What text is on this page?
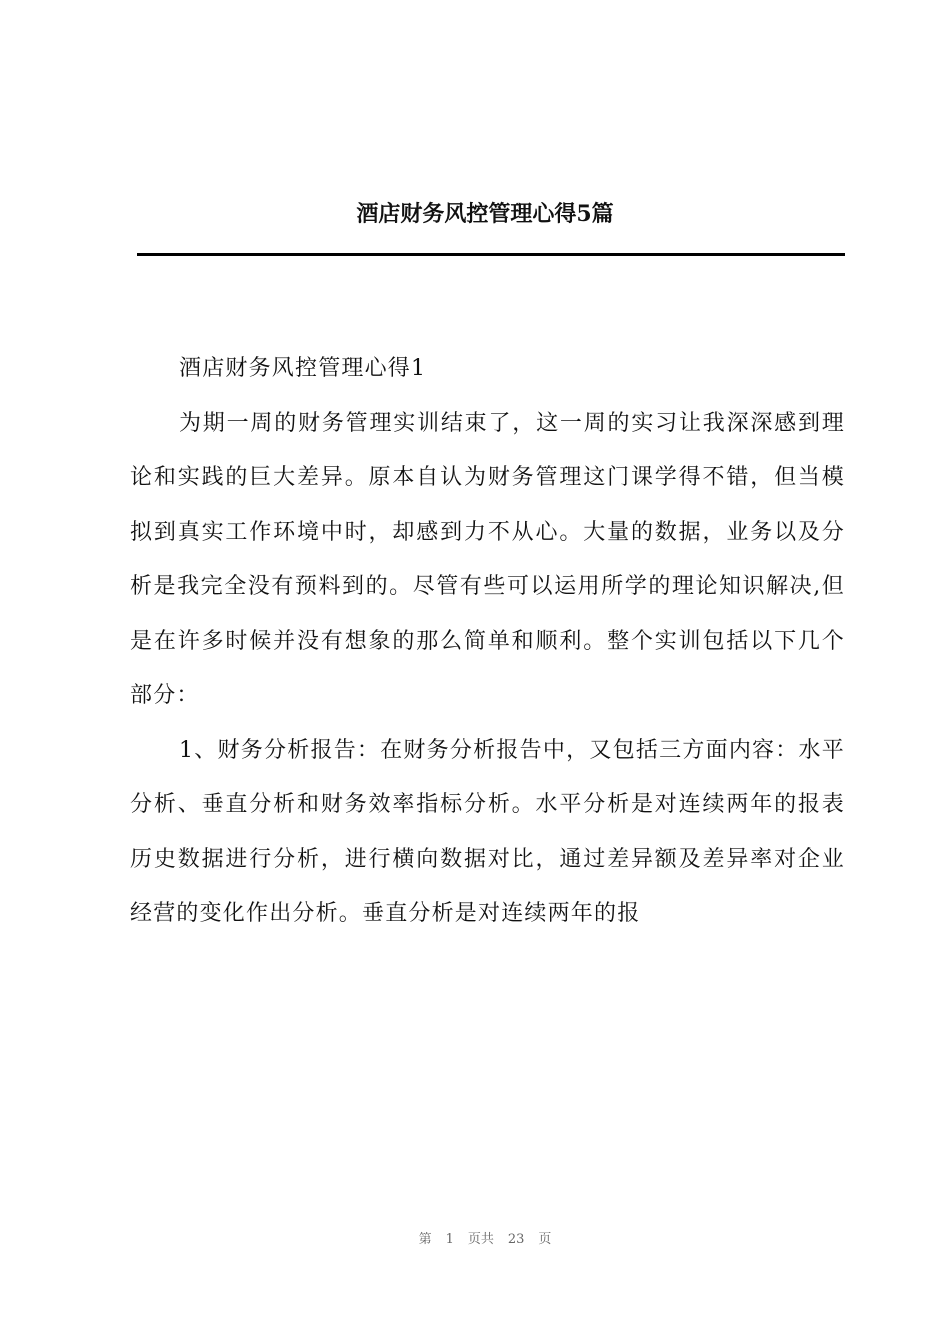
酒店财务风控管理心得5篇

酒店财务风控管理心得1

为期一周的财务管理实训结束了，这一周的实习让我深深感到理论和实践的巨大差异。原本自认为财务管理这门课学得不错，但当模拟到真实工作环境中时，却感到力不从心。大量的数据，业务以及分析是我完全没有预料到的。尽管有些可以运用所学的理论知识解决,但是在许多时候并没有想象的那么简单和顺利。整个实训包括以下几个部分：

1、财务分析报告：在财务分析报告中，又包括三方面内容：水平分析、垂直分析和财务效率指标分析。水平分析是对连续两年的报表历史数据进行分析，进行横向数据对比，通过差异额及差异率对企业经营的变化作出分析。垂直分析是对连续两年的报

第 1 页共 23 页
